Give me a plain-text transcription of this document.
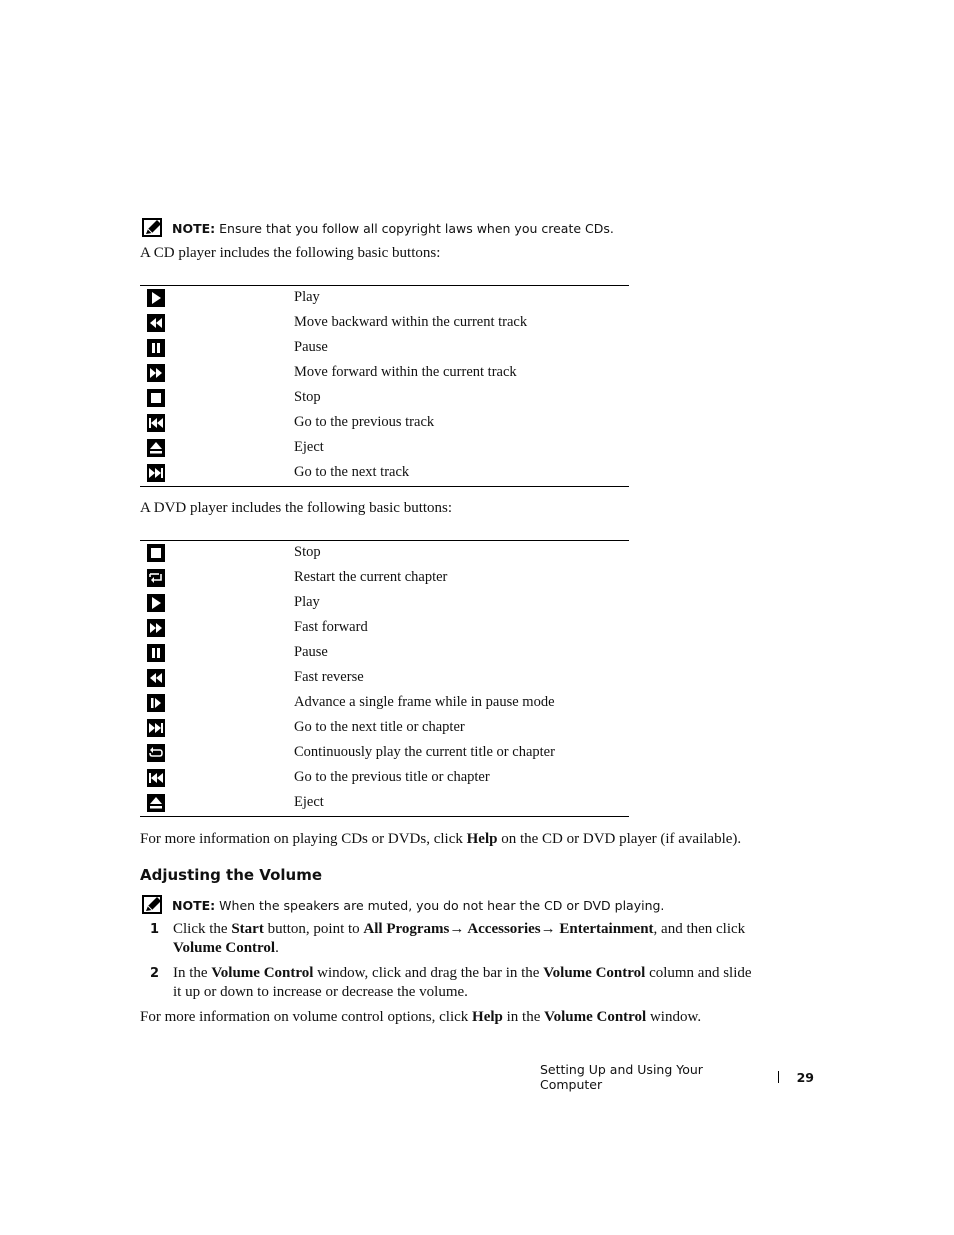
NOTE: Ensure that you follow all copyright laws when you create CDs.
A CD player includes the following basic buttons:
Play
Move backward within the current track
Pause
Move forward within the current track
Stop
Go to the previous track
Eject
Go to the next track
A DVD player includes the following basic buttons:
Stop
Restart the current chapter
Play
Fast forward
Pause
Fast reverse
Advance a single frame while in pause mode
Go to the next title or chapter
Continuously play the current title or chapter
Go to the previous title or chapter
Eject
For more information on playing CDs or DVDs, click Help on the CD or DVD player (if available).
Adjusting the Volume
NOTE: When the speakers are muted, you do not hear the CD or DVD playing.
1 Click the Start button, point to All Programs→ Accessories→ Entertainment, and then click Volume Control.
2 In the Volume Control window, click and drag the bar in the Volume Control column and slide it up or down to increase or decrease the volume.
For more information on volume control options, click Help in the Volume Control window.
Setting Up and Using Your Computer	29
